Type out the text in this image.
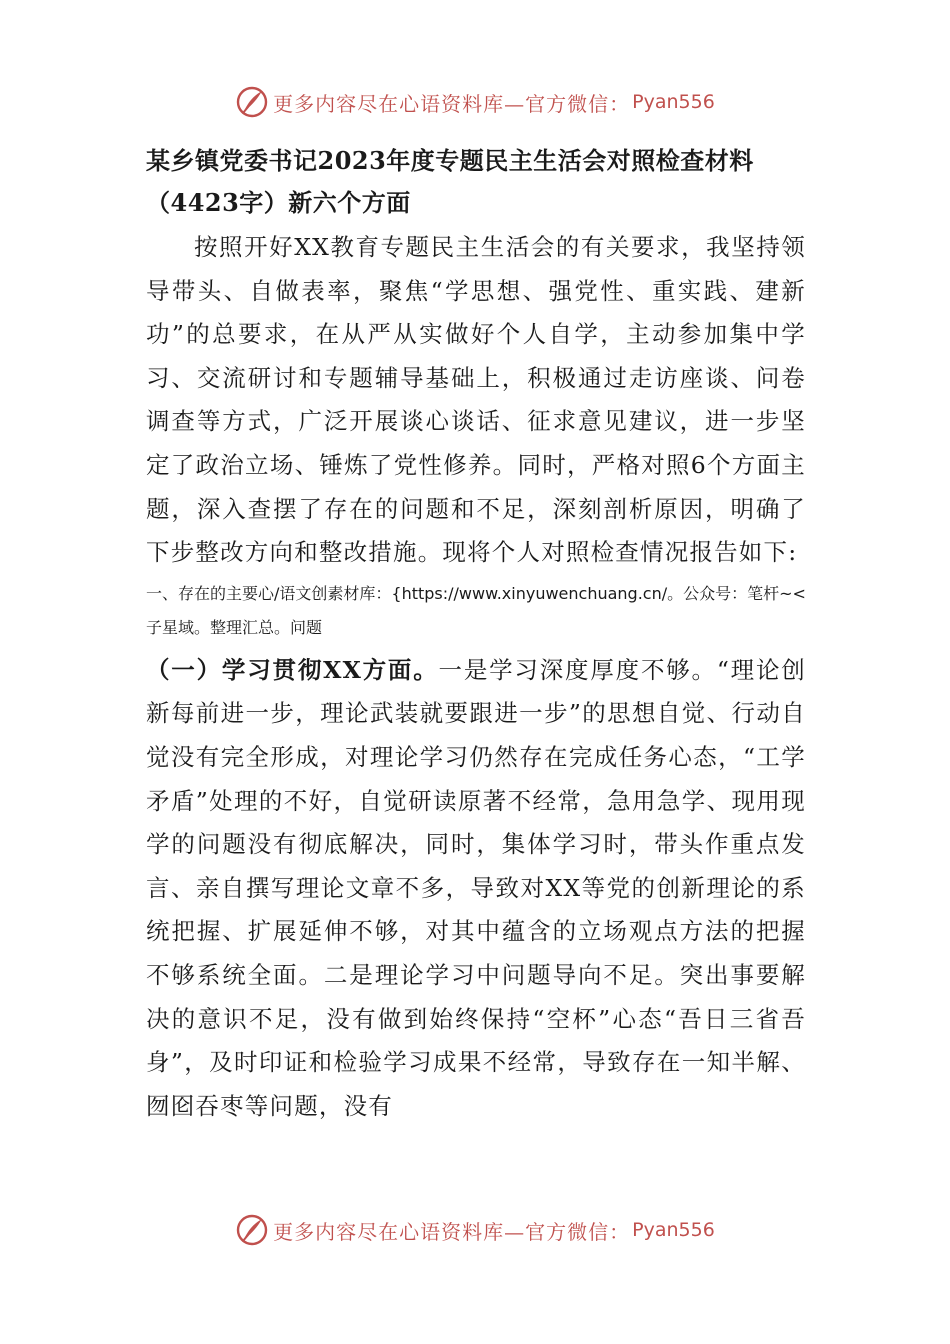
更多内容尽在心语资料库—官方微信： Pyan556

某乡镇党委书记2023年度专题民主生活会对照检查材料

（4423字）新六个方面

按照开好XX教育专题民主生活会的有关要求，我坚持领导带头、自做表率，聚焦“学思想、强党性、重实践、建新功”的总要求，在从严从实做好个人自学，主动参加集中学习、交流研讨和专题辅导基础上，积极通过走访座谈、问卷调查等方式，广泛开展谈心谈话、征求意见建议，进一步坚定了政治立场、锤炼了党性修养。同时，严格对照6个方面主题，深入查摆了存在的问题和不足，深刻剖析原因，明确了下步整改方向和整改措施。现将个人对照检查情况报告如下:

一、存在的主要心/语文创素材库：{https://www.xinyuwenchuang.cn/。公众号：笔杆~<子星域。整理汇总。问题

（一）学习贯彻XX方面。一是学习深度厚度不够。“理论创新每前进一步，理论武装就要跟进一步”的思想自觉、行动自觉没有完全形成，对理论学习仍然存在完成任务心态，“工学矛盾”处理的不好，自觉研读原著不经常，急用急学、现用现学的问题没有彻底解决，同时，集体学习时，带头作重点发言、亲自撰写理论文章不多，导致对XX等党的创新理论的系统把握、扩展延伸不够，对其中蕴含的立场观点方法的把握不够系统全面。二是理论学习中问题导向不足。突出事要解决的意识不足，没有做到始终保持“空杯”心态“吾日三省吾身”，及时印证和检验学习成果不经常，导致存在一知半解、囫囵吞枣等问题，没有

更多内容尽在心语资料库—官方微信： Pyan556
